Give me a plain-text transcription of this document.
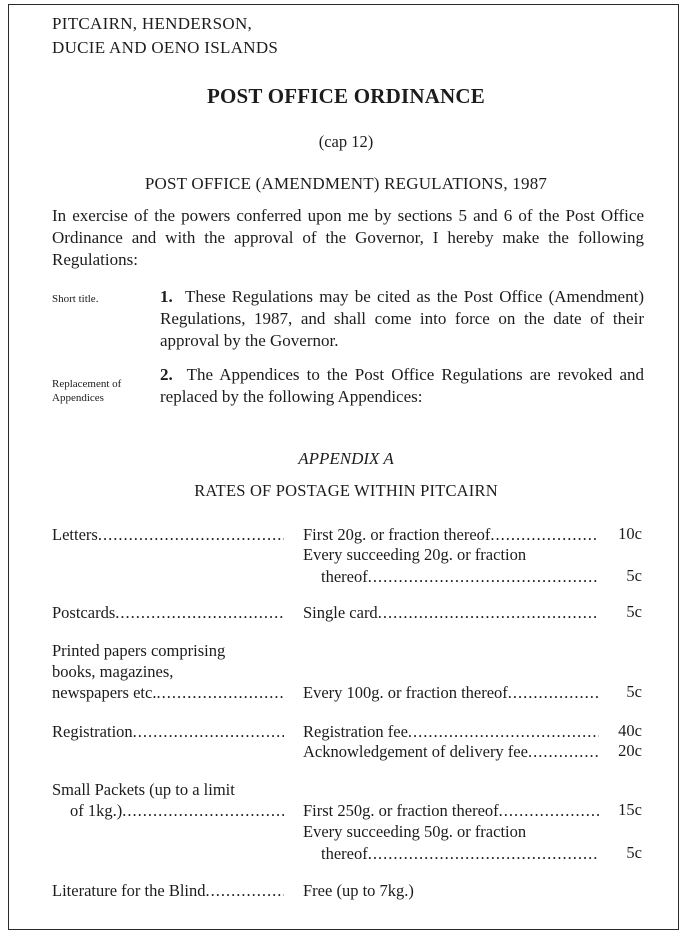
PITCAIRN, HENDERSON,
DUCIE AND OENO ISLANDS
POST OFFICE ORDINANCE
(cap 12)
POST OFFICE (AMENDMENT) REGULATIONS, 1987
In exercise of the powers conferred upon me by sections 5 and 6 of the Post Office Ordinance and with the approval of the Governor, I hereby make the following Regulations:
Short title.	1. These Regulations may be cited as the Post Office (Amendment) Regulations, 1987, and shall come into force on the date of their approval by the Governor.
Replacement of Appendices
2. The Appendices to the Post Office Regulations are revoked and replaced by the following Appendices:
APPENDIX A
RATES OF POSTAGE WITHIN PITCAIRN
Letters .....	First 20g. or fraction thereof .....	10c
Every succeeding 20g. or fraction
thereof .....	5c
Postcards .....	Single card .....	5c
Printed papers comprising
books, magazines,
newspapers etc. .....	Every 100g. or fraction thereof .....	5c
Registration .....	Registration fee .....	40c
Acknowledgement of delivery fee .....	20c
Small Packets (up to a limit
of 1kg.) .....	First 250g. or fraction thereof .....	15c
Every succeeding 50g. or fraction
thereof .....	5c
Literature for the Blind .....	Free (up to 7kg.)
